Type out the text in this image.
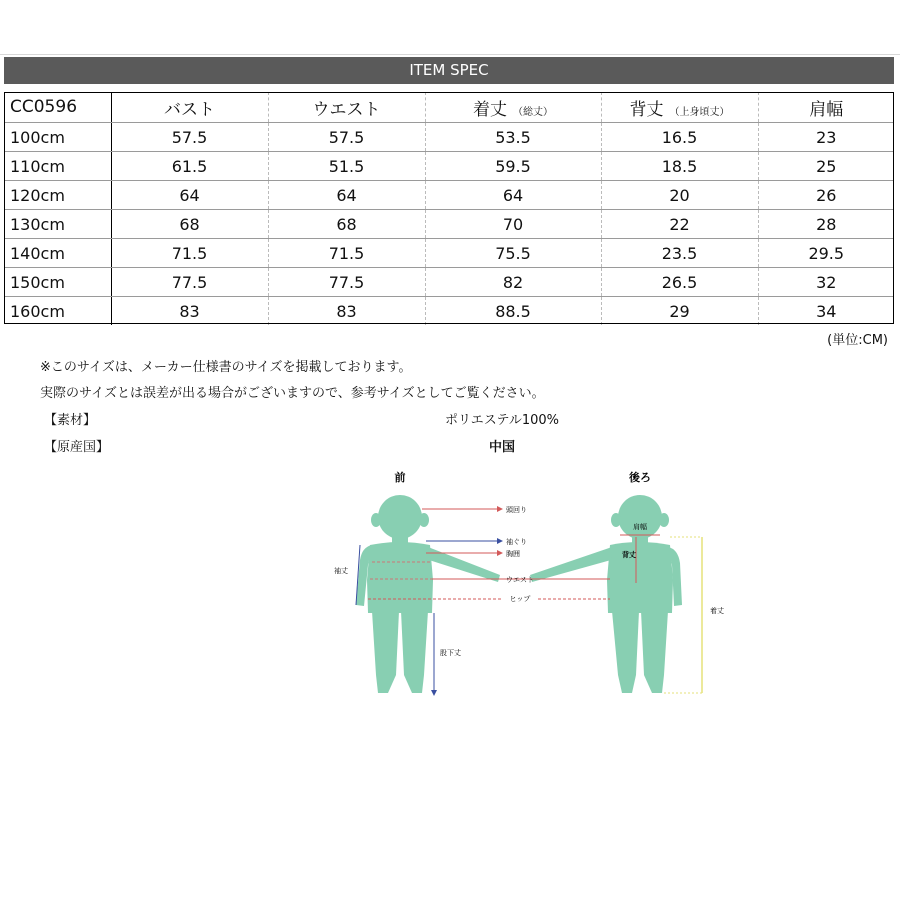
ITEM SPEC
CC0596	バスト	ウエスト	着丈 （総丈）	背丈 （上身頃丈）	肩幅
100cm	57.5	57.5	53.5	16.5	23
110cm	61.5	51.5	59.5	18.5	25
120cm	64	64	64	20	26
130cm	68	68	70	22	28
140cm	71.5	71.5	75.5	23.5	29.5
150cm	77.5	77.5	82	26.5	32
160cm	83	83	88.5	29	34
(単位:CM)
※このサイズは、メーカー仕様書のサイズを掲載しております。
実際のサイズとは誤差が出る場合がございますので、参考サイズとしてご覧ください。
【素材】	ポリエステル100%
【原産国】	中国
前	後ろ
頭回り
袖ぐり
胸囲
ウエスト
ヒップ
袖丈
股下丈
肩幅
背丈
着丈
